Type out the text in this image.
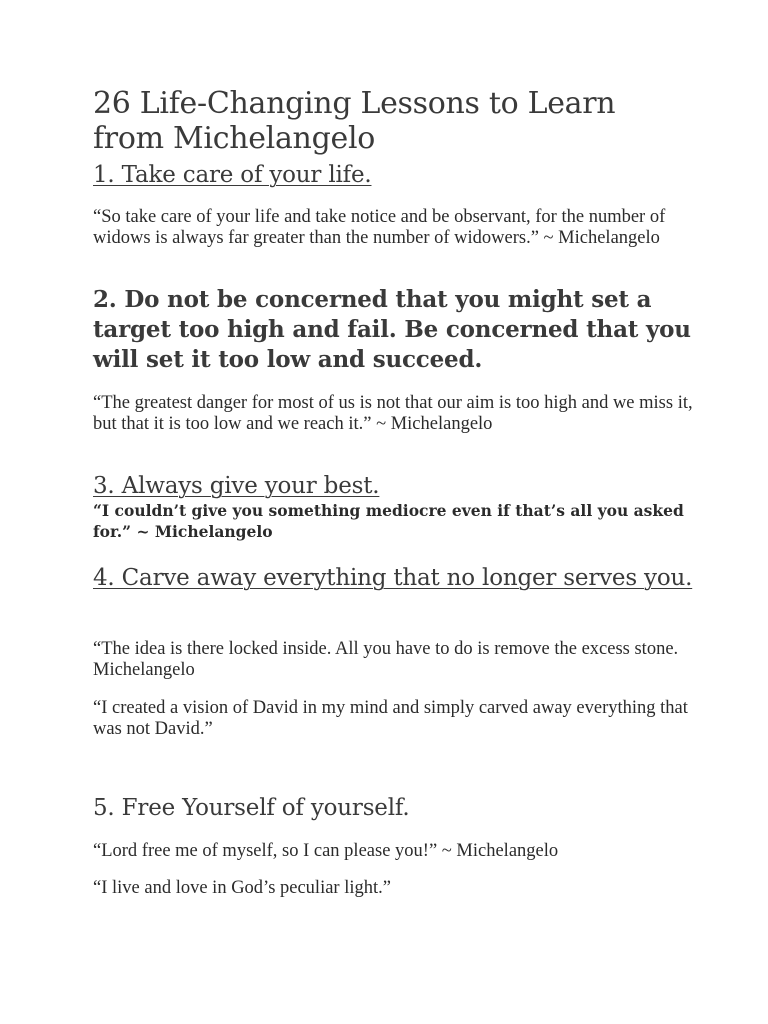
26 Life-Changing Lessons to Learn from Michelangelo
1. Take care of your life.

“So take care of your life and take notice and be observant, for the number of widows is always far greater than the number of widowers.” ~ Michelangelo

2. Do not be concerned that you might set a target too high and fail. Be concerned that you will set it too low and succeed.

“The greatest danger for most of us is not that our aim is too high and we miss it, but that it is too low and we reach it.” ~ Michelangelo

3. Always give your best.

“I couldn’t give you something mediocre even if that’s all you asked for.” ~ Michelangelo

4. Carve away everything that no longer serves you.

“The idea is there locked inside. All you have to do is remove the excess stone. Michelangelo

“I created a vision of David in my mind and simply carved away everything that was not David.”

5. Free Yourself of yourself.

“Lord free me of myself, so I can please you!” ~ Michelangelo

“I live and love in God’s peculiar light.”
